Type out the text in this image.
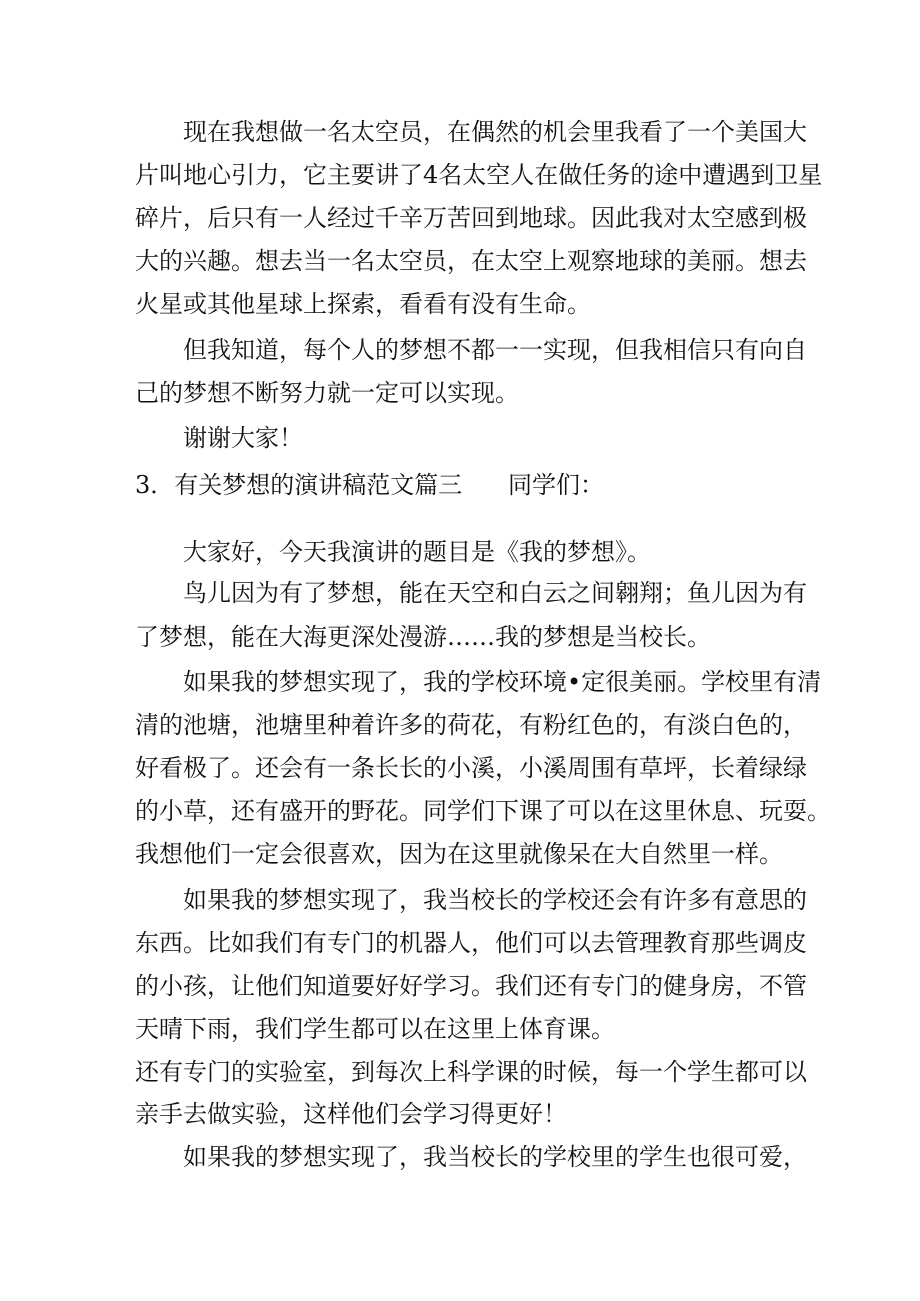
现在我想做一名太空员，在偶然的机会里我看了一个美国大
片叫地心引力，它主要讲了4名太空人在做任务的途中遭遇到卫星
碎片，后只有一人经过千辛万苦回到地球。因此我对太空感到极
大的兴趣。想去当一名太空员，在太空上观察地球的美丽。想去
火星或其他星球上探索，看看有没有生命。
但我知道，每个人的梦想不都一一实现，但我相信只有向自
己的梦想不断努力就一定可以实现。
谢谢大家！
3．有关梦想的演讲稿范文篇三 同学们：
大家好，今天我演讲的题目是《我的梦想》。
鸟儿因为有了梦想，能在天空和白云之间翱翔；鱼儿因为有
了梦想，能在大海更深处漫游……我的梦想是当校长。
如果我的梦想实现了，我的学校环境•定很美丽。学校里有清
清的池塘，池塘里种着许多的荷花，有粉红色的，有淡白色的，
好看极了。还会有一条长长的小溪，小溪周围有草坪，长着绿绿
的小草，还有盛开的野花。同学们下课了可以在这里休息、玩耍。
我想他们一定会很喜欢，因为在这里就像呆在大自然里一样。
如果我的梦想实现了，我当校长的学校还会有许多有意思的
东西。比如我们有专门的机器人，他们可以去管理教育那些调皮
的小孩，让他们知道要好好学习。我们还有专门的健身房，不管
天晴下雨，我们学生都可以在这里上体育课。
还有专门的实验室，到每次上科学课的时候，每一个学生都可以
亲手去做实验，这样他们会学习得更好！
如果我的梦想实现了，我当校长的学校里的学生也很可爱，
